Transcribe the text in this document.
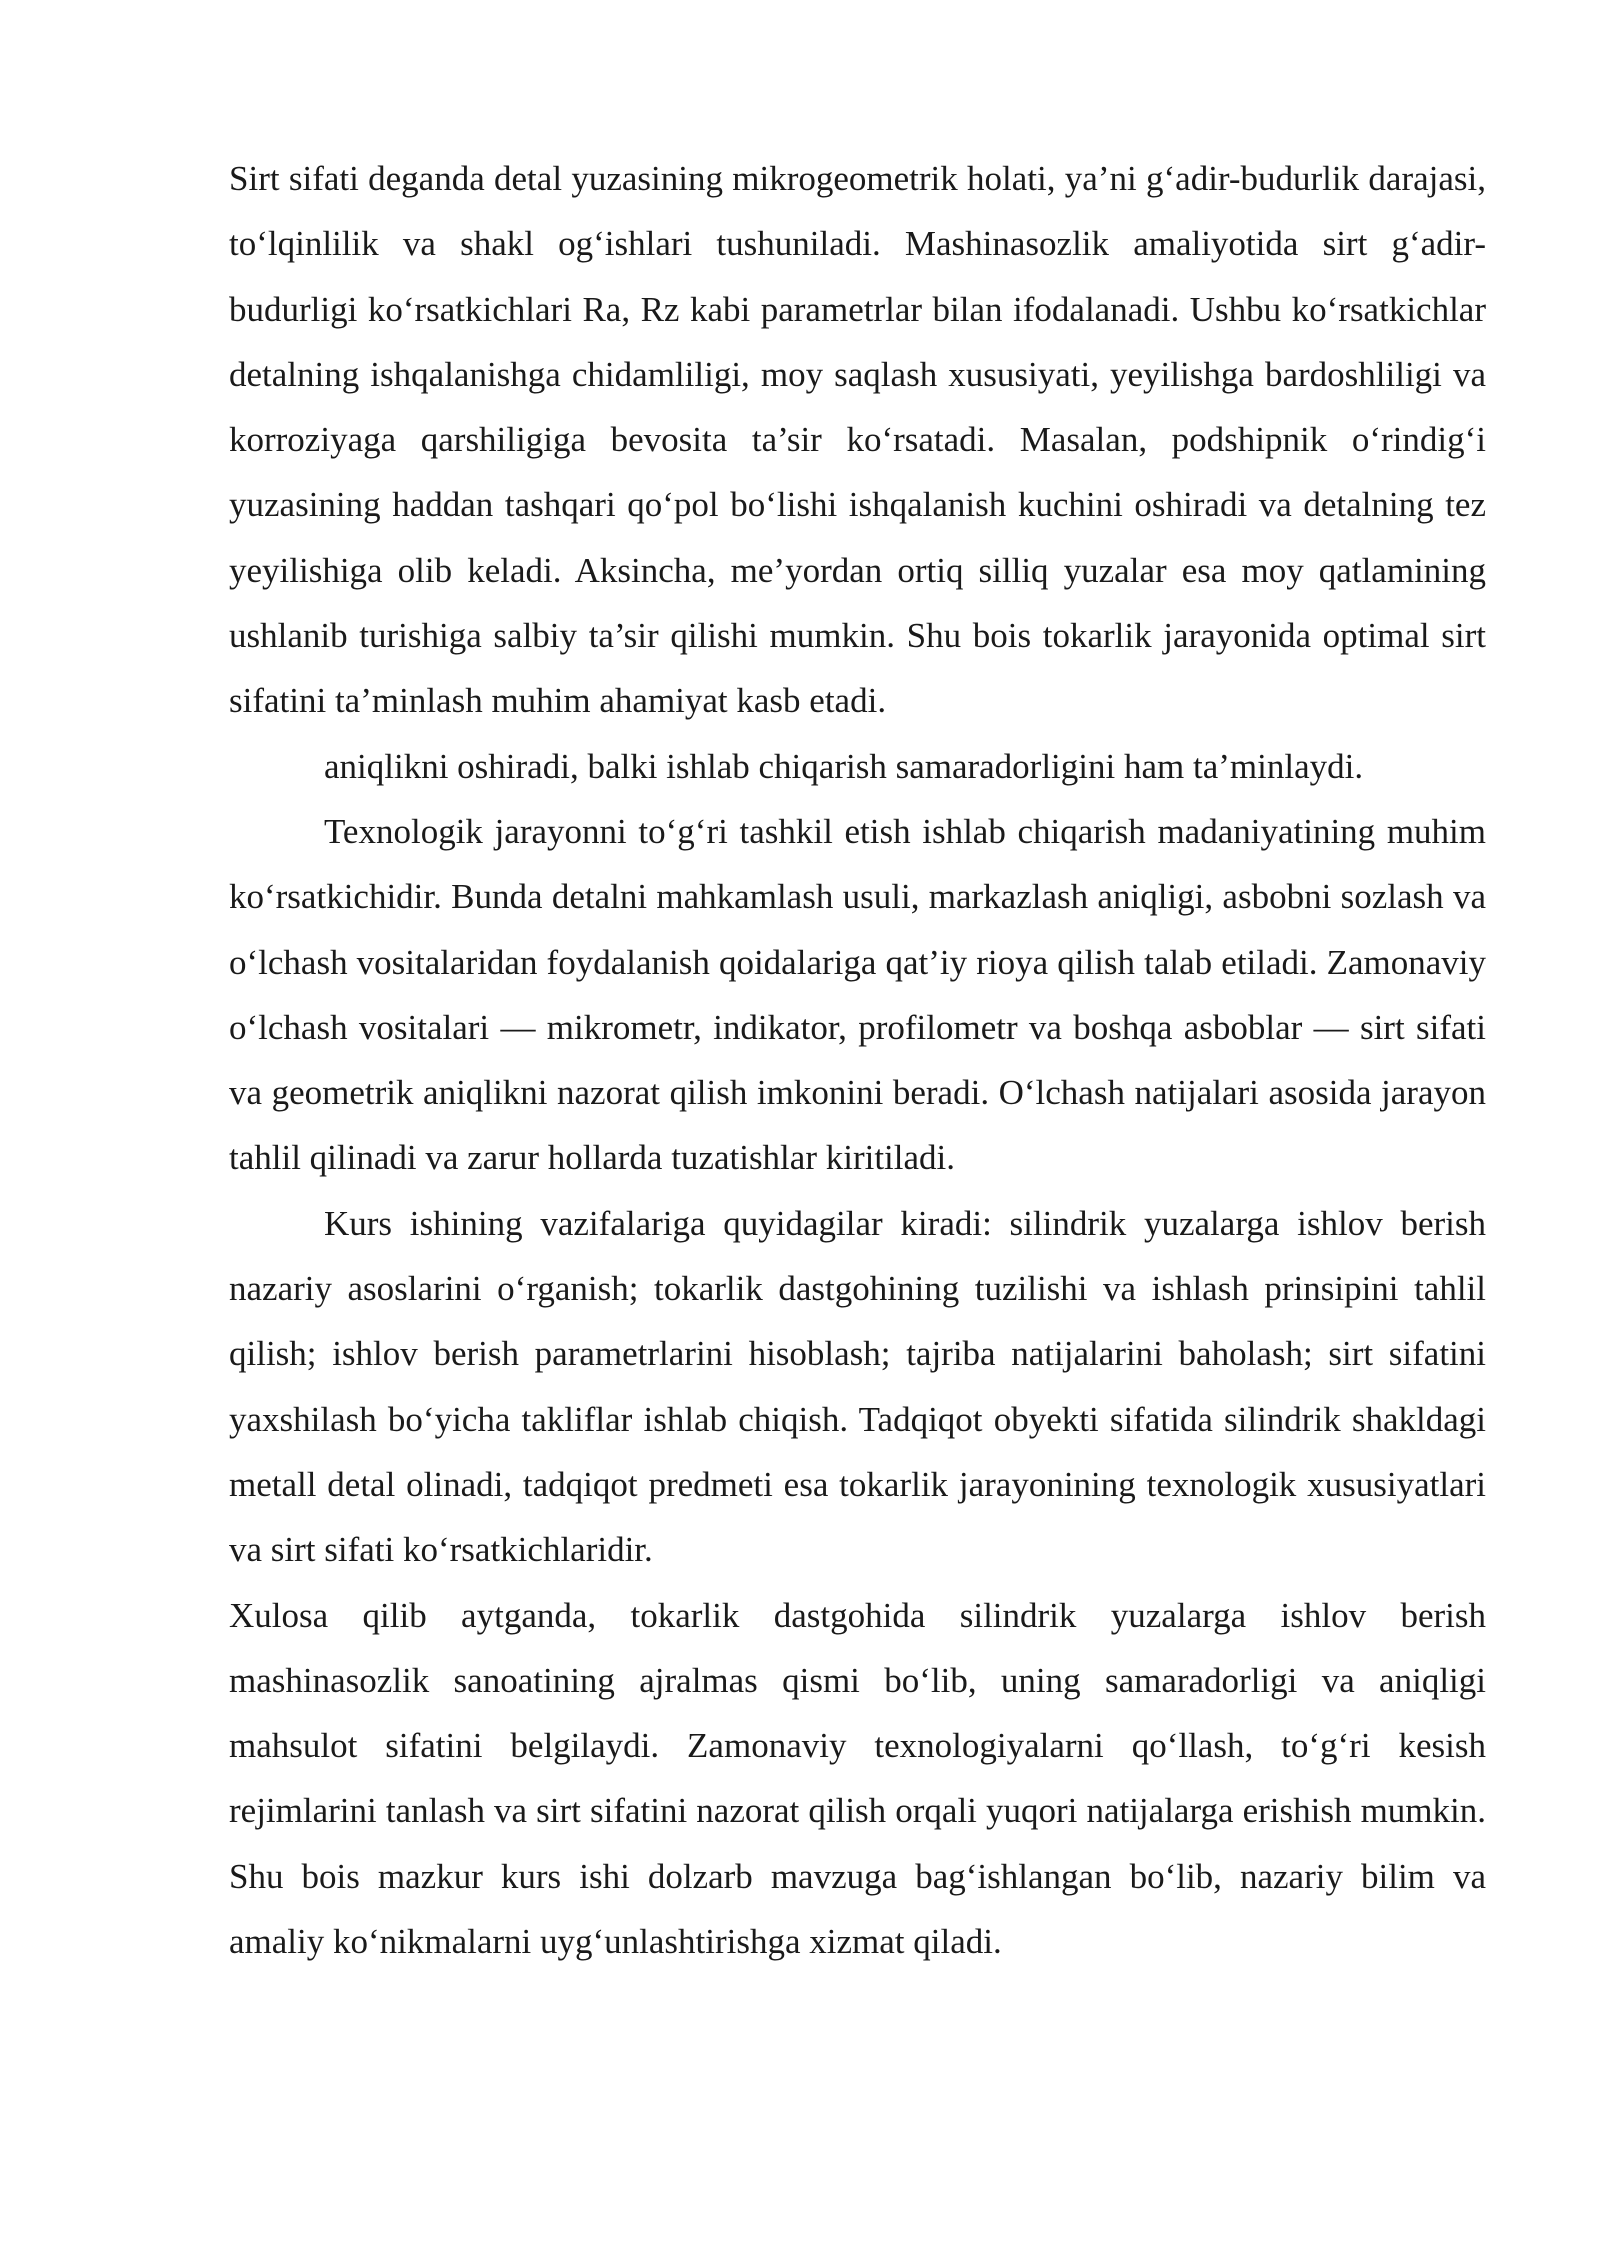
Sirt sifati deganda detal yuzasining mikrogeometrik holati, ya’ni g‘adir-budurlik darajasi, to‘lqinlilik va shakl og‘ishlari tushuniladi. Mashinasozlik amaliyotida sirt g‘adir-budurligi ko‘rsatkichlari Ra, Rz kabi parametrlar bilan ifodalanadi. Ushbu ko‘rsatkichlar detalning ishqalanishga chidamliligi, moy saqlash xususiyati, yeyilishga bardoshliligi va korroziyaga qarshiligiga bevosita ta’sir ko‘rsatadi. Masalan, podshipnik o‘rindig‘i yuzasining haddan tashqari qo‘pol bo‘lishi ishqalanish kuchini oshiradi va detalning tez yeyilishiga olib keladi. Aksincha, me’yordan ortiq silliq yuzalar esa moy qatlamining ushlanib turishiga salbiy ta’sir qilishi mumkin. Shu bois tokarlik jarayonida optimal sirt sifatini ta’minlash muhim ahamiyat kasb etadi.

aniqlikni oshiradi, balki ishlab chiqarish samaradorligini ham ta’minlaydi.

Texnologik jarayonni to‘g‘ri tashkil etish ishlab chiqarish madaniyatining muhim ko‘rsatkichidir. Bunda detalni mahkamlash usuli, markazlash aniqligi, asbobni sozlash va o‘lchash vositalaridan foydalanish qoidalariga qat’iy rioya qilish talab etiladi. Zamonaviy o‘lchash vositalari — mikrometr, indikator, profilometr va boshqa asboblar — sirt sifati va geometrik aniqlikni nazorat qilish imkonini beradi. O‘lchash natijalari asosida jarayon tahlil qilinadi va zarur hollarda tuzatishlar kiritiladi.

Kurs ishining vazifalariga quyidagilar kiradi: silindrik yuzalarga ishlov berish nazariy asoslarini o‘rganish; tokarlik dastgohining tuzilishi va ishlash prinsipini tahlil qilish; ishlov berish parametrlarini hisoblash; tajriba natijalarini baholash; sirt sifatini yaxshilash bo‘yicha takliflar ishlab chiqish. Tadqiqot obyekti sifatida silindrik shakldagi metall detal olinadi, tadqiqot predmeti esa tokarlik jarayonining texnologik xususiyatlari va sirt sifati ko‘rsatkichlaridir.

Xulosa qilib aytganda, tokarlik dastgohida silindrik yuzalarga ishlov berish mashinasozlik sanoatining ajralmas qismi bo‘lib, uning samaradorligi va aniqligi mahsulot sifatini belgilaydi. Zamonaviy texnologiyalarni qo‘llash, to‘g‘ri kesish rejimlarini tanlash va sirt sifatini nazorat qilish orqali yuqori natijalarga erishish mumkin. Shu bois mazkur kurs ishi dolzarb mavzuga bag‘ishlangan bo‘lib, nazariy bilim va amaliy ko‘nikmalarni uyg‘unlashtirishga xizmat qiladi.
